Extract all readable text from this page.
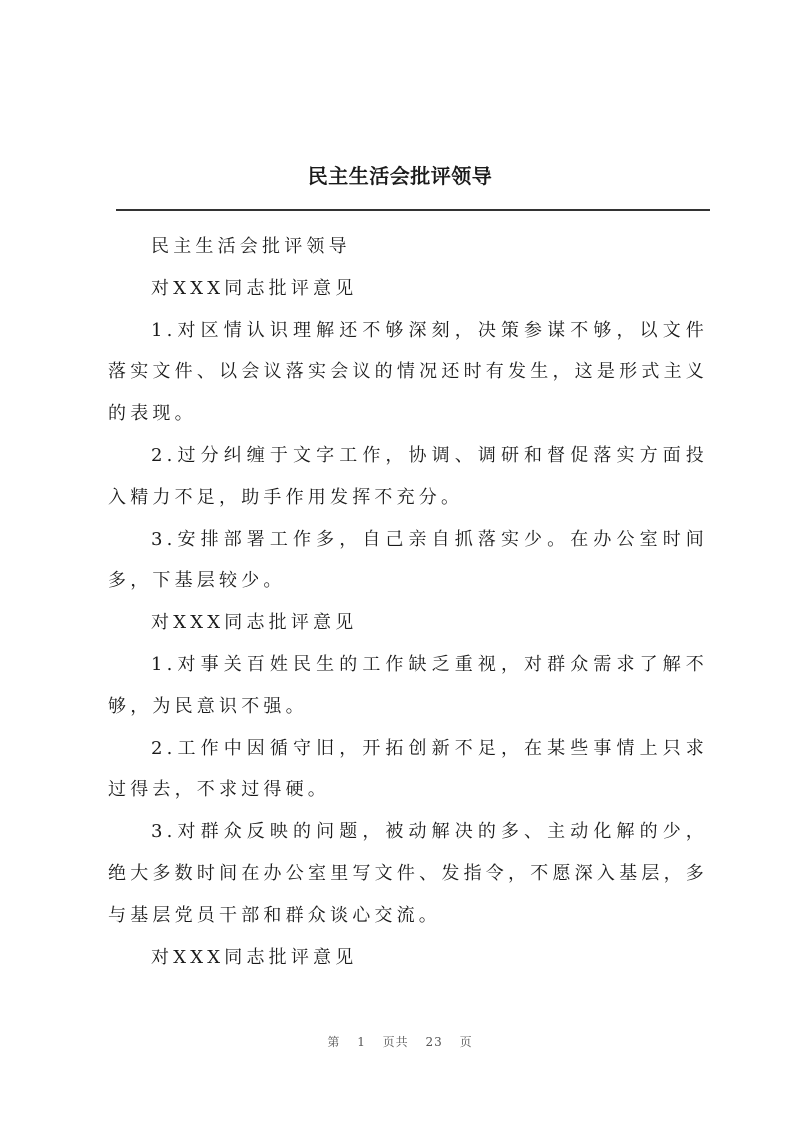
民主生活会批评领导

民主生活会批评领导

对XXX同志批评意见

1.对区情认识理解还不够深刻，决策参谋不够，以文件落实文件、以会议落实会议的情况还时有发生，这是形式主义的表现。

2.过分纠缠于文字工作，协调、调研和督促落实方面投入精力不足，助手作用发挥不充分。

3.安排部署工作多，自己亲自抓落实少。在办公室时间多，下基层较少。

对XXX同志批评意见

1.对事关百姓民生的工作缺乏重视，对群众需求了解不够，为民意识不强。

2.工作中因循守旧，开拓创新不足，在某些事情上只求过得去，不求过得硬。

3.对群众反映的问题，被动解决的多、主动化解的少，绝大多数时间在办公室里写文件、发指令，不愿深入基层，多与基层党员干部和群众谈心交流。

对XXX同志批评意见

第 1 页共 23 页
